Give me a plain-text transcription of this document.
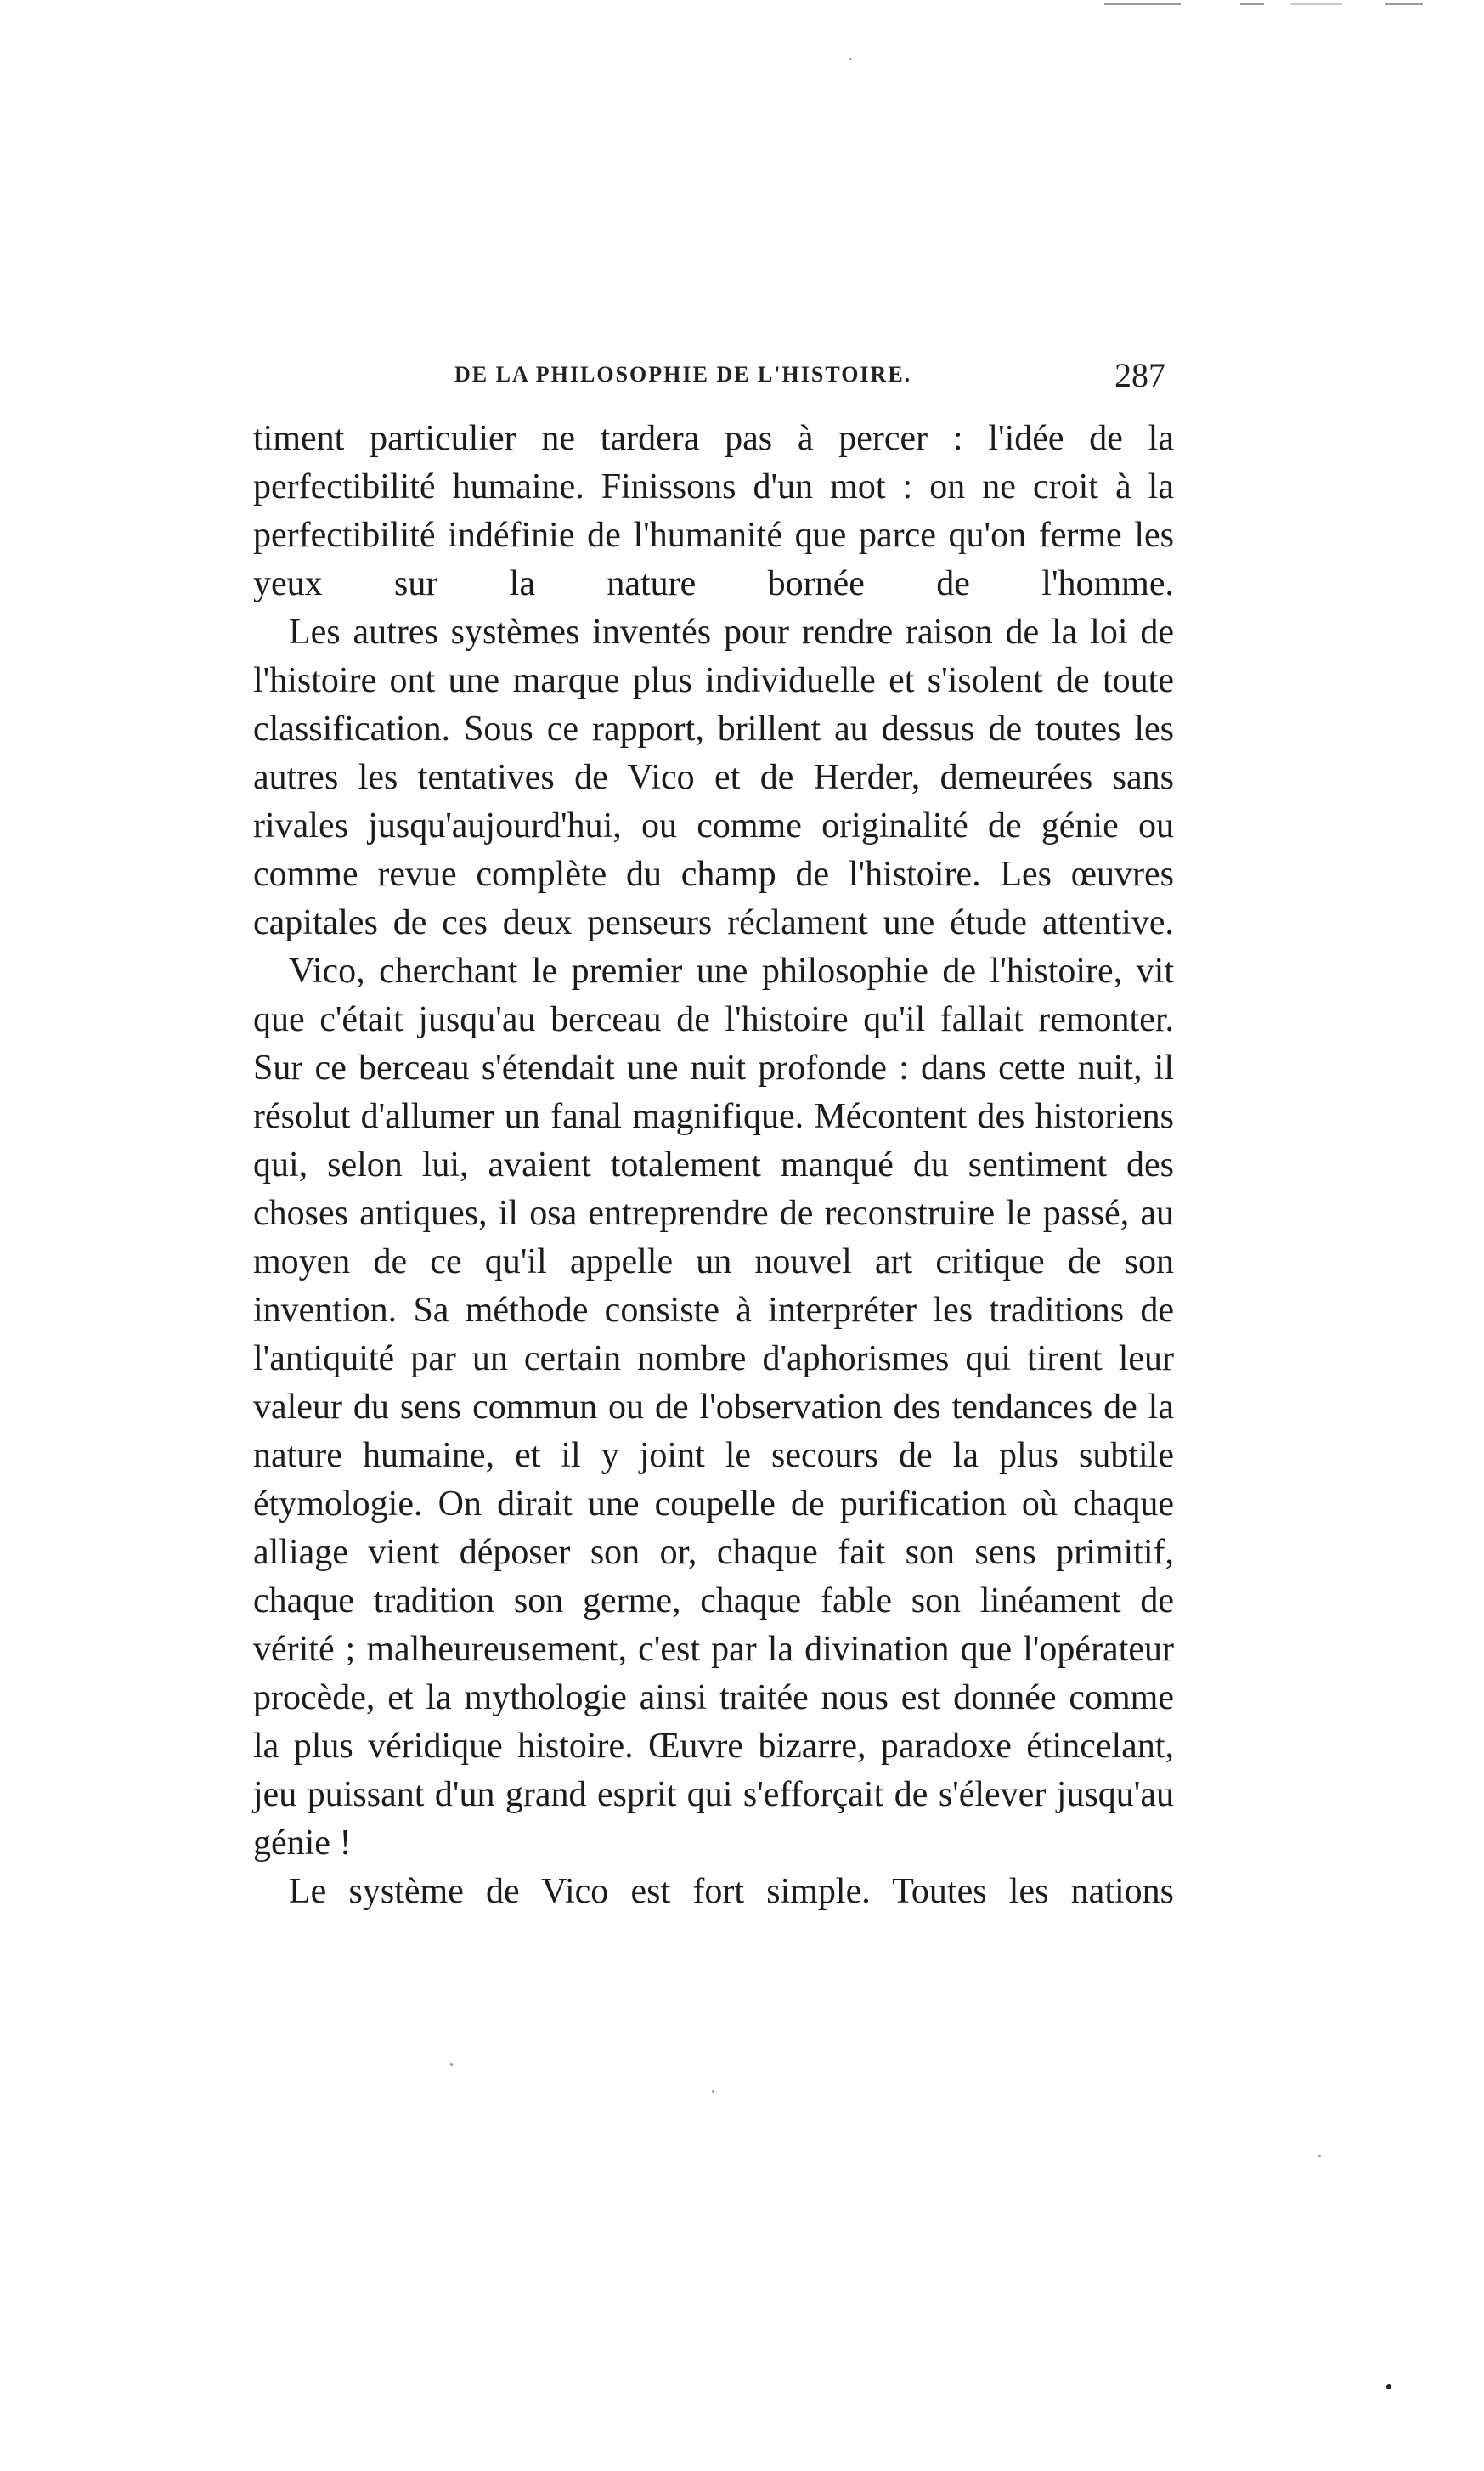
DE LA PHILOSOPHIE DE L'HISTOIRE.	287

timent particulier ne tardera pas à percer : l'idée de la perfectibilité humaine. Finissons d'un mot : on ne croit à la perfectibilité indéfinie de l'humanité que parce qu'on ferme les yeux sur la nature bornée de l'homme.

Les autres systèmes inventés pour rendre raison de la loi de l'histoire ont une marque plus individuelle et s'isolent de toute classification. Sous ce rapport, brillent au dessus de toutes les autres les tentatives de Vico et de Herder, demeurées sans rivales jusqu'aujourd'hui, ou comme originalité de génie ou comme revue complète du champ de l'histoire. Les œuvres capitales de ces deux penseurs réclament une étude attentive.

Vico, cherchant le premier une philosophie de l'histoire, vit que c'était jusqu'au berceau de l'histoire qu'il fallait remonter. Sur ce berceau s'étendait une nuit profonde : dans cette nuit, il résolut d'allumer un fanal magnifique. Mécontent des historiens qui, selon lui, avaient totalement manqué du sentiment des choses antiques, il osa entreprendre de reconstruire le passé, au moyen de ce qu'il appelle un nouvel art critique de son invention. Sa méthode consiste à interpréter les traditions de l'antiquité par un certain nombre d'aphorismes qui tirent leur valeur du sens commun ou de l'observation des tendances de la nature humaine, et il y joint le secours de la plus subtile étymologie. On dirait une coupelle de purification où chaque alliage vient déposer son or, chaque fait son sens primitif, chaque tradition son germe, chaque fable son linéament de vérité ; malheureusement, c'est par la divination que l'opérateur procède, et la mythologie ainsi traitée nous est donnée comme la plus véridique histoire. Œuvre bizarre, paradoxe étincelant, jeu puissant d'un grand esprit qui s'efforçait de s'élever jusqu'au génie !

Le système de Vico est fort simple. Toutes les nations
